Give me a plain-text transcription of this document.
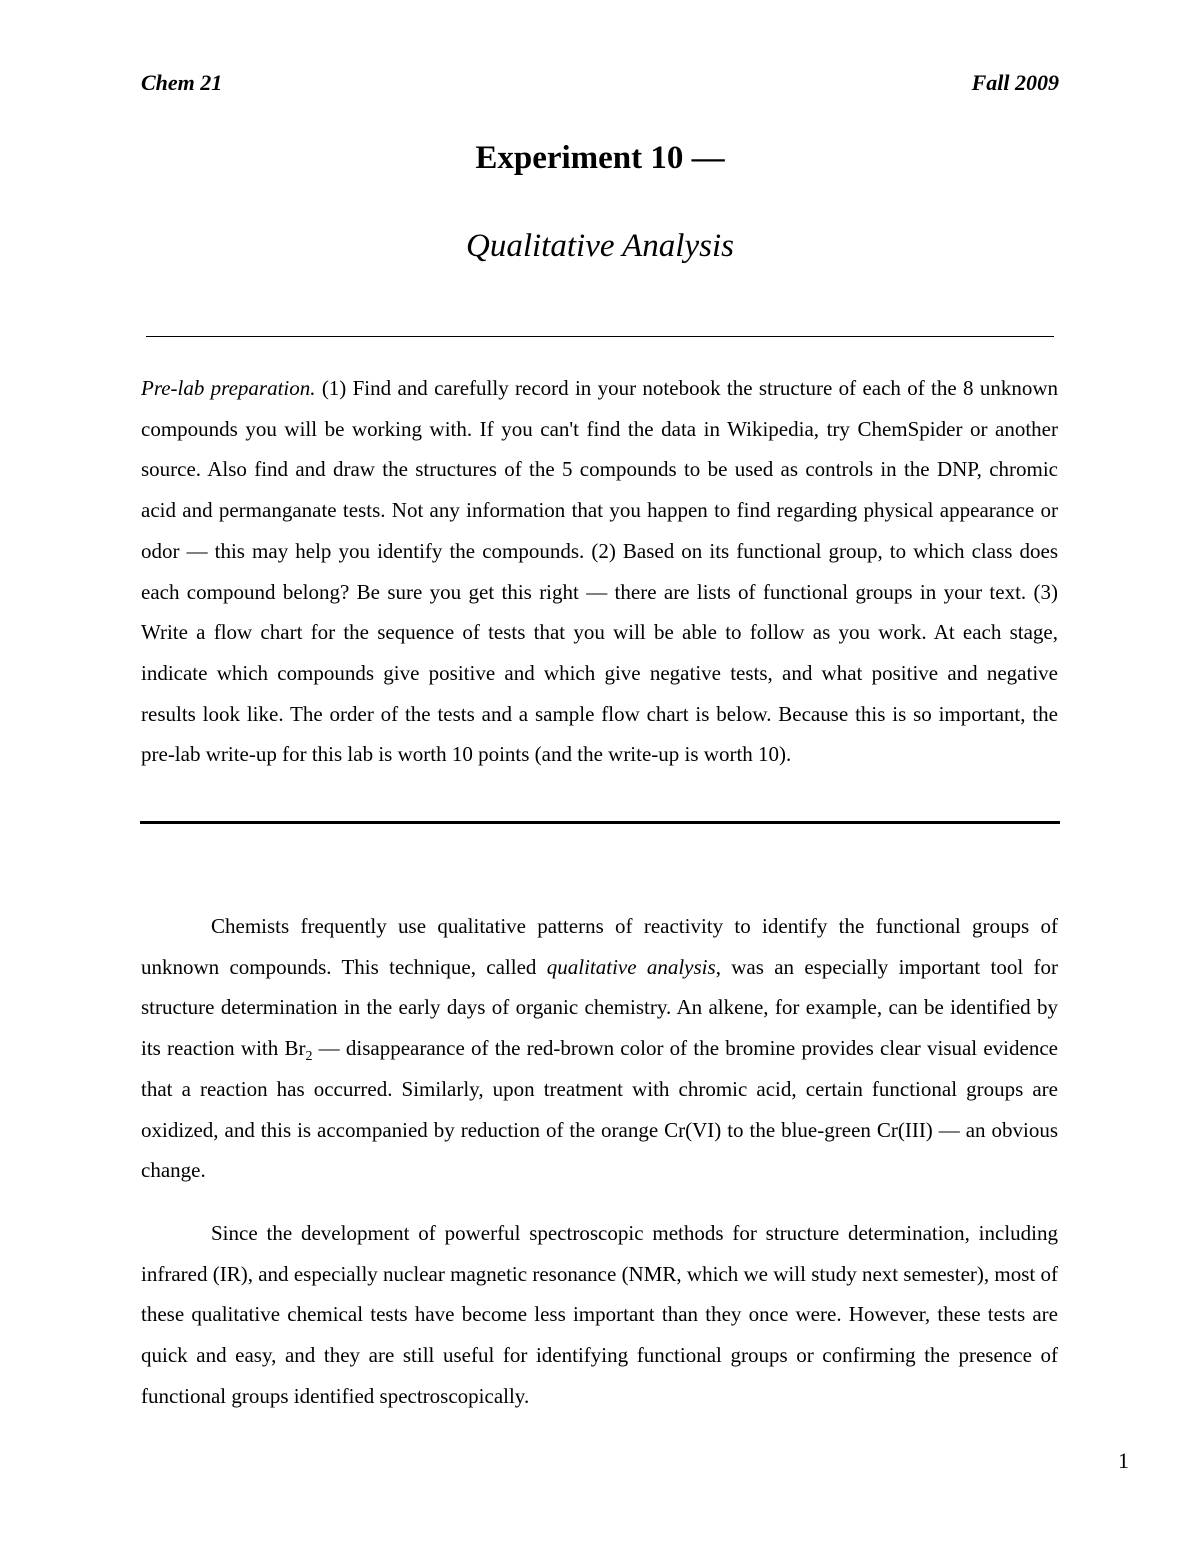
Chem 21	Fall 2009
Experiment 10 —
Qualitative Analysis
Pre-lab preparation. (1) Find and carefully record in your notebook the structure of each of the 8 unknown compounds you will be working with. If you can't find the data in Wikipedia, try ChemSpider or another source. Also find and draw the structures of the 5 compounds to be used as controls in the DNP, chromic acid and permanganate tests. Not any information that you happen to find regarding physical appearance or odor — this may help you identify the compounds. (2) Based on its functional group, to which class does each compound belong? Be sure you get this right — there are lists of functional groups in your text. (3) Write a flow chart for the sequence of tests that you will be able to follow as you work. At each stage, indicate which compounds give positive and which give negative tests, and what positive and negative results look like. The order of the tests and a sample flow chart is below. Because this is so important, the pre-lab write-up for this lab is worth 10 points (and the write-up is worth 10).
Chemists frequently use qualitative patterns of reactivity to identify the functional groups of unknown compounds. This technique, called qualitative analysis, was an especially important tool for structure determination in the early days of organic chemistry. An alkene, for example, can be identified by its reaction with $Br_2$ — disappearance of the red-brown color of the bromine provides clear visual evidence that a reaction has occurred. Similarly, upon treatment with chromic acid, certain functional groups are oxidized, and this is accompanied by reduction of the orange Cr(VI) to the blue-green Cr(III) — an obvious change.
Since the development of powerful spectroscopic methods for structure determination, including infrared (IR), and especially nuclear magnetic resonance (NMR, which we will study next semester), most of these qualitative chemical tests have become less important than they once were. However, these tests are quick and easy, and they are still useful for identifying functional groups or confirming the presence of functional groups identified spectroscopically.
1
